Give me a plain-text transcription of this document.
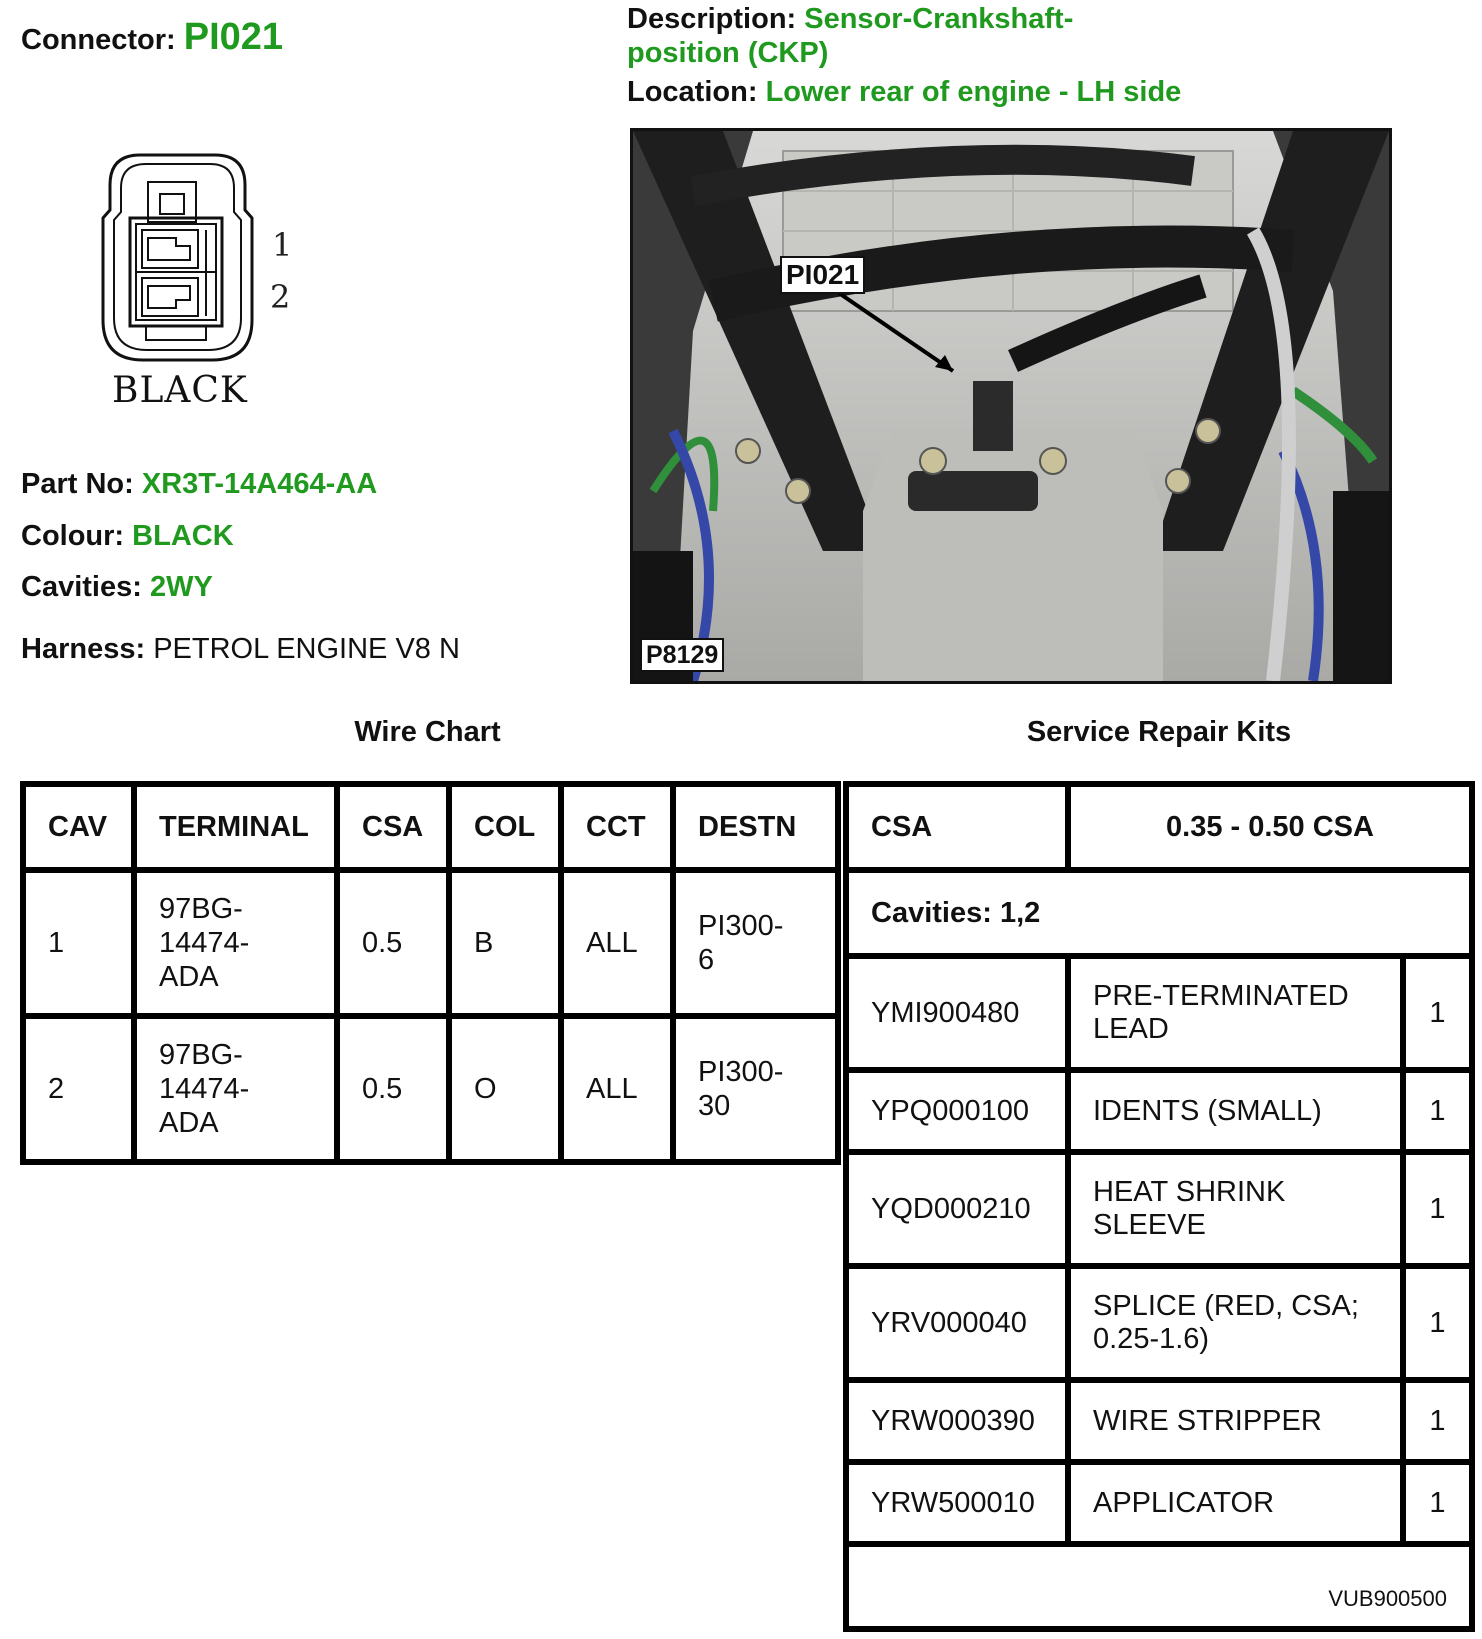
Connector: PI021	Description: Sensor-Crankshaft-
position (CKP)
Location: Lower rear of engine - LH side
1
2
BLACK
Part No: XR3T-14A464-AA
Colour: BLACK
Cavities: 2WY
Harness: PETROL ENGINE V8 N
PI021
P8129
Wire Chart
CAV	TERMINAL	CSA	COL	CCT	DESTN
1	97BG-
14474-
ADA	0.5	B	ALL	PI300-
6
2	97BG-
14474-
ADA	0.5	O	ALL	PI300-
30
Service Repair Kits
CSA	0.35 - 0.50 CSA	
Cavities: 1,2		
YMI900480	PRE-TERMINATED
LEAD	1
YPQ000100	IDENTS (SMALL)	1
YQD000210	HEAT SHRINK
SLEEVE	1
YRV000040	SPLICE (RED, CSA;
0.25-1.6)	1
YRW000390	WIRE STRIPPER	1
YRW500010	APPLICATOR	1
VUB900500
